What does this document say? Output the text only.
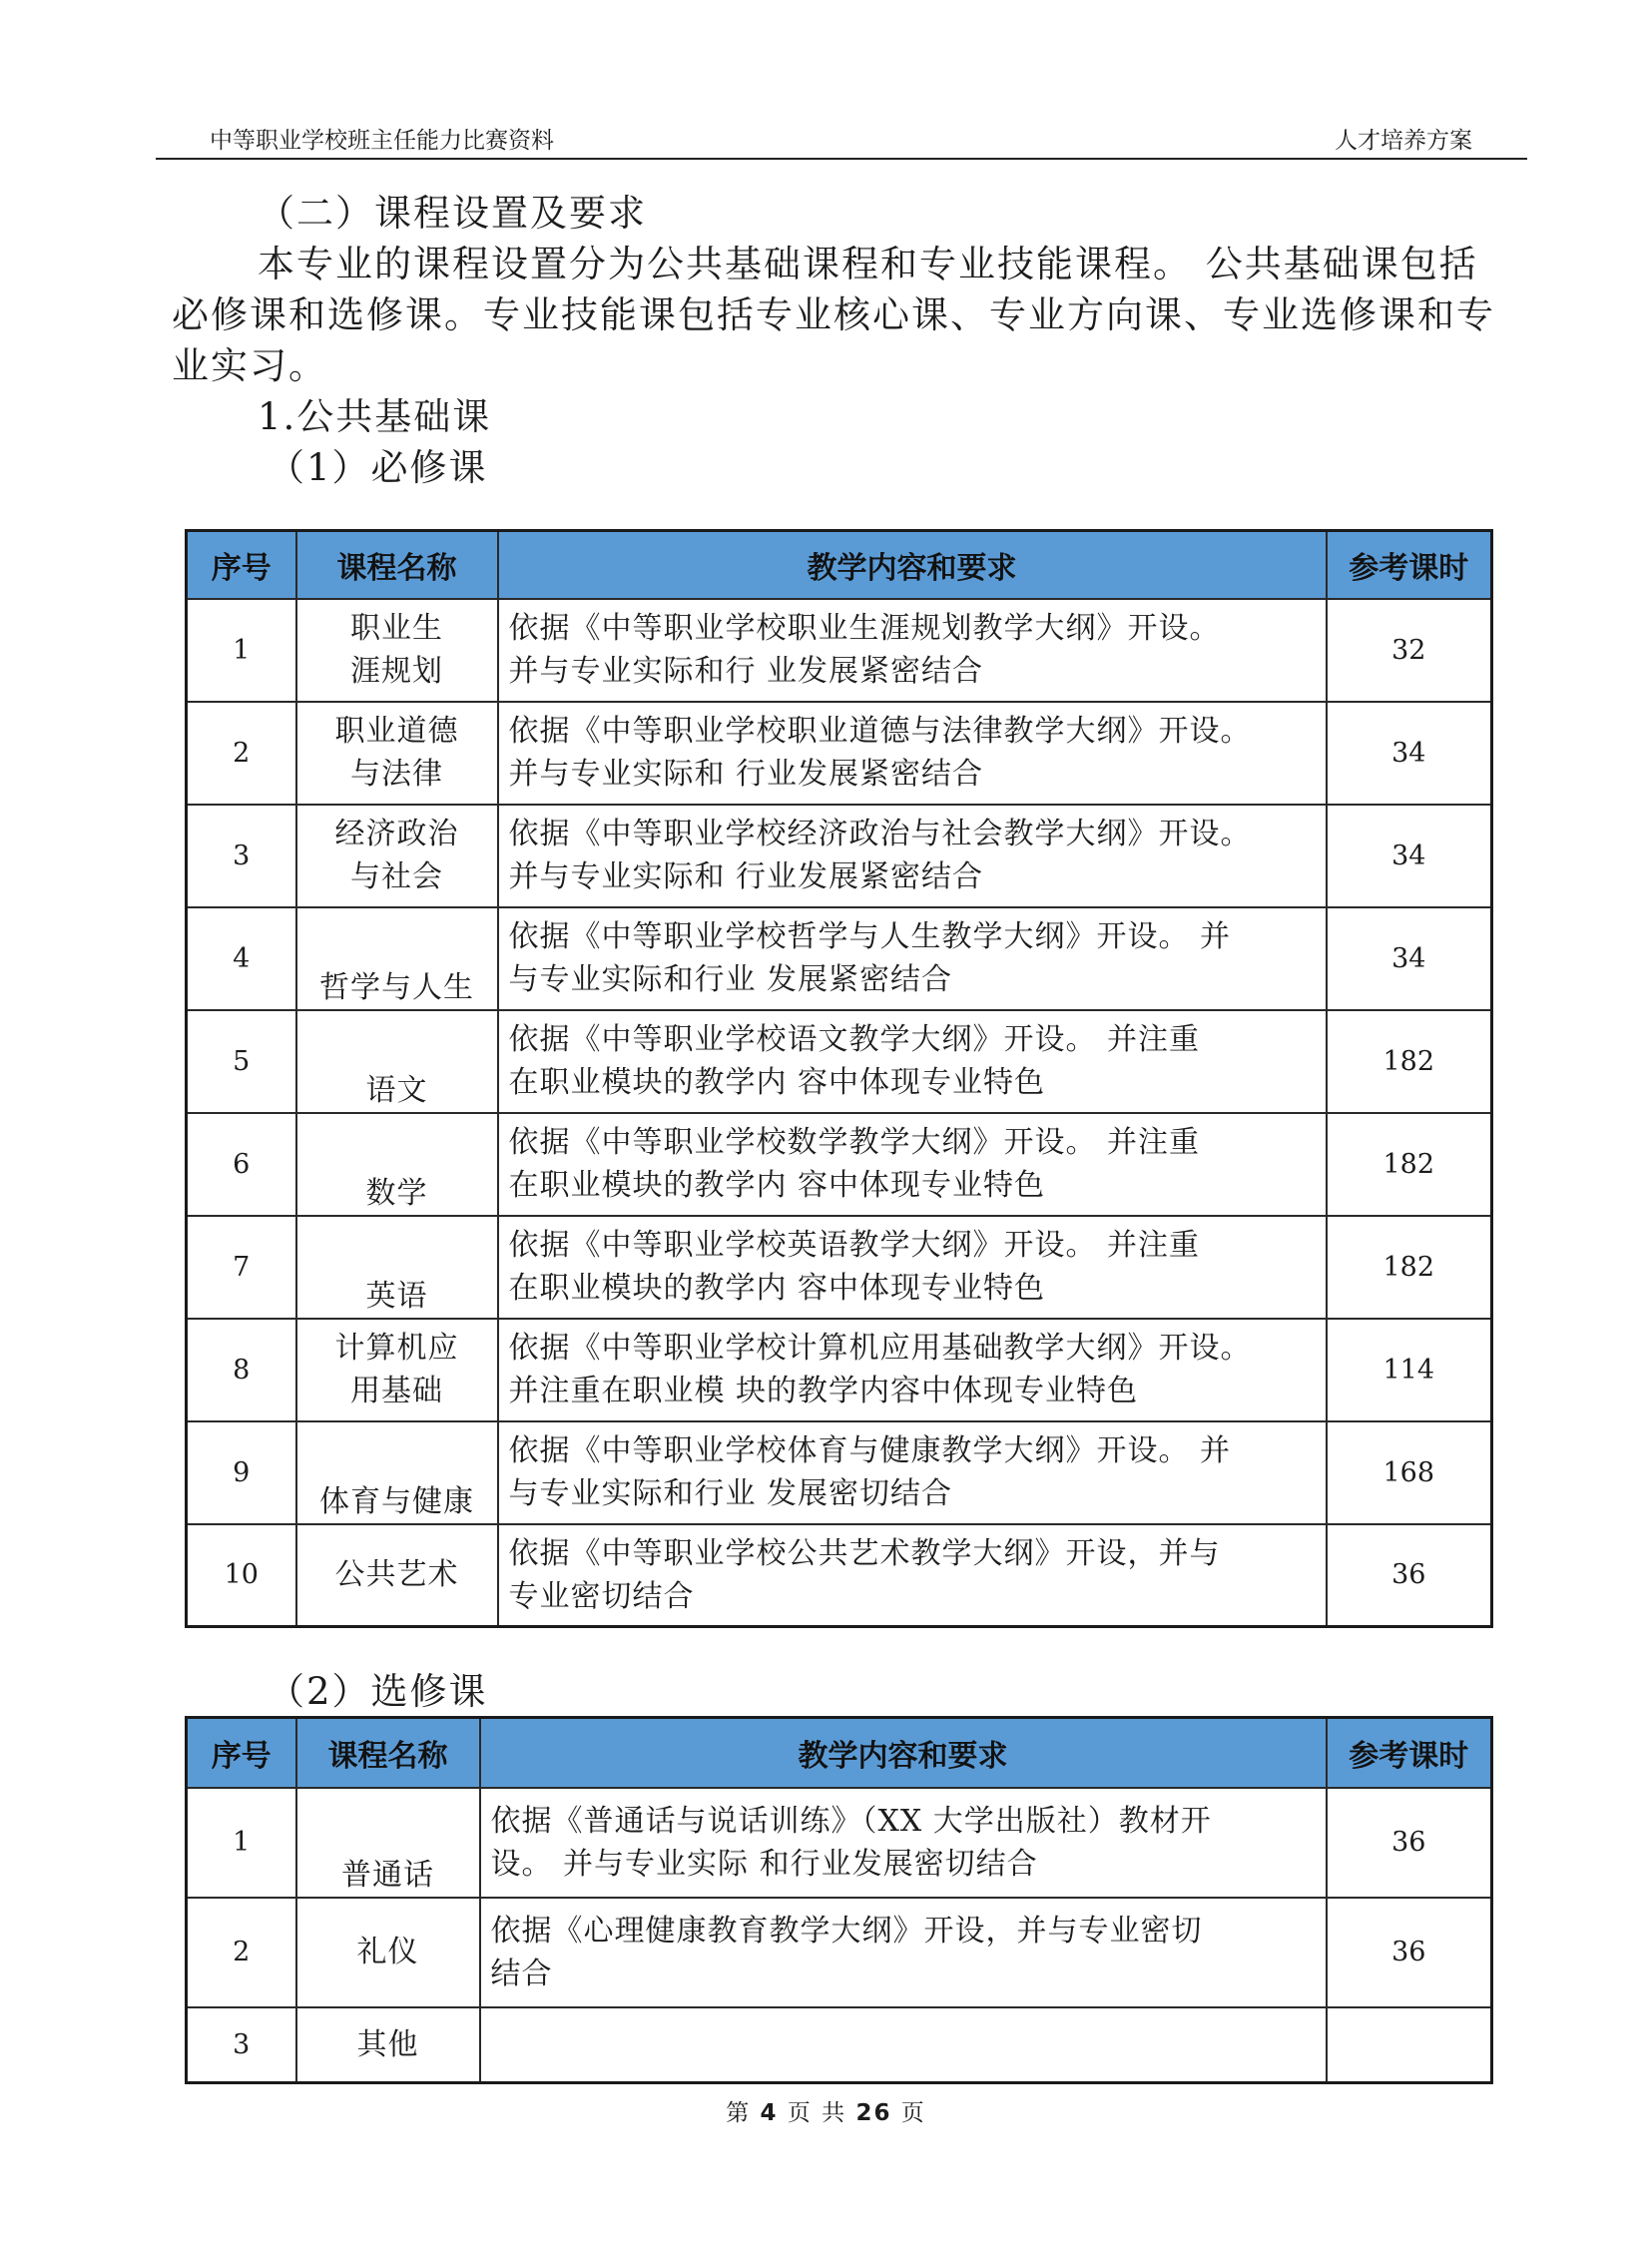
中等职业学校班主任能力比赛资料	人才培养方案

（二）课程设置及要求

本专业的课程设置分为公共基础课程和专业技能课程。 公共基础课包括必修课和选修课。专业技能课包括专业核心课、专业方向课、专业选修课和专业实习。

1.公共基础课

（1）必修课

序号	课程名称	教学内容和要求	参考课时
1	职业生
涯规划	依据《中等职业学校职业生涯规划教学大纲》开设。
并与专业实际和行 业发展紧密结合	32
2	职业道德
与法律	依据《中等职业学校职业道德与法律教学大纲》开设。
并与专业实际和 行业发展紧密结合	34
3	经济政治
与社会	依据《中等职业学校经济政治与社会教学大纲》开设。
并与专业实际和 行业发展紧密结合	34
4	哲学与人生	依据《中等职业学校哲学与人生教学大纲》开设。 并
与专业实际和行业 发展紧密结合	34
5	语文	依据《中等职业学校语文教学大纲》开设。 并注重
在职业模块的教学内 容中体现专业特色	182
6	数学	依据《中等职业学校数学教学大纲》开设。 并注重
在职业模块的教学内 容中体现专业特色	182
7	英语	依据《中等职业学校英语教学大纲》开设。 并注重
在职业模块的教学内 容中体现专业特色	182
8	计算机应
用基础	依据《中等职业学校计算机应用基础教学大纲》开设。
并注重在职业模 块的教学内容中体现专业特色	114
9	体育与健康	依据《中等职业学校体育与健康教学大纲》开设。 并
与专业实际和行业 发展密切结合	168
10	公共艺术	依据《中等职业学校公共艺术教学大纲》开设，并与
专业密切结合	36
（2）选修课
序号	课程名称	教学内容和要求	参考课时
1	普通话	依据《普通话与说话训练》（XX 大学出版社）教材开
设。 并与专业实际 和行业发展密切结合	36
2	礼仪	依据《心理健康教育教学大纲》开设，并与专业密切
结合	36
3	其他		
第 4 页 共 26 页
